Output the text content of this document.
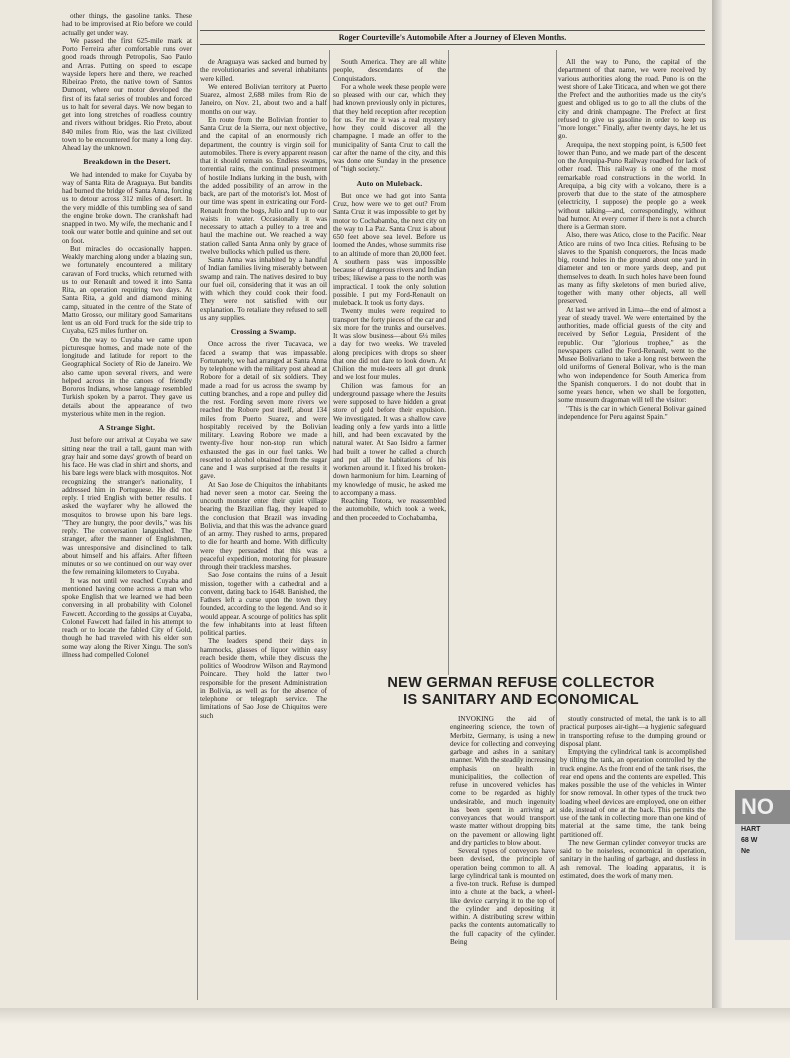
Roger Courteville's Automobile After a Journey of Eleven Months.

other things, the gasoline tanks. These had to be improvised at Rio before we could actually get under way.

We passed the first 625-mile mark at Porto Ferreira after comfortable runs over good roads through Petropolis, Sao Paulo and Arras. Putting on speed to escape wayside lepers here and there, we reached Ribeirao Preto, the native town of Santos Dumont, where our motor developed the first of its fatal series of troubles and forced us to halt for several days. We now began to get into long stretches of roadless country and rivers without bridges. Rio Preto, about 840 miles from Rio, was the last civilized town to be encountered for many a long day. Ahead lay the unknown.

Breakdown in the Desert.

We had intended to make for Cuyaba by way of Santa Rita de Araguaya. But bandits had burned the bridge of Santa Anna, forcing us to detour across 312 miles of desert. In the very middle of this tumbling sea of sand the engine broke down. The crankshaft had snapped in two. My wife, the mechanic and I took our water bottle and quinine and set out on foot.

But miracles do occasionally happen. Weakly marching along under a blazing sun, we fortunately encountered a military caravan of Ford trucks, which returned with us to our Renault and towed it into Santa Rita, an operation requiring two days. At Santa Rita, a gold and diamond mining camp, situated in the centre of the State of Matto Grosso, our military good Samaritans lent us an old Ford truck for the side trip to Cuyaba, 625 miles further on.

On the way to Cuyaba we came upon picturesque homes, and made note of the longitude and latitude for report to the Geographical Society of Rio de Janeiro. We also came upon several rivers, and were helped across in the canoes of friendly Bororos Indians, whose language resembled Turkish spoken by a parrot. They gave us details about the appearance of two mysterious white men in the region.

A Strange Sight.

Just before our arrival at Cuyaba we saw sitting near the trail a tall, gaunt man with gray hair and some days' growth of beard on his face. He was clad in shirt and shorts, and his bare legs were black with mosquitos. Not recognizing the stranger's nationality, I addressed him in Portuguese. He did not reply. I tried English with better results. I asked the wayfarer why he allowed the mosquitos to browse upon his bare legs. "They are hungry, the poor devils," was his reply. The conversation languished. The stranger, after the manner of Englishmen, was unresponsive and disinclined to talk about himself and his affairs. After fifteen minutes or so we continued on our way over the few remaining kilometers to Cuyaba.

It was not until we reached Cuyaba and mentioned having come across a man who spoke English that we learned we had been conversing in all probability with Colonel Fawcett. According to the gossips at Cuyaba, Colonel Fawcett had failed in his attempt to reach or to locate the fabled City of Gold, though he had traveled with his elder son some way along the River Xingu. The son's illness had compelled Colonel

de Araguaya was sacked and burned by the revolutionaries and several inhabitants were killed.

We entered Bolivian territory at Puerto Suarez, almost 2,688 miles from Rio de Janeiro, on Nov. 21, about two and a half months on our way.

En route from the Bolivian frontier to Santa Cruz de la Sierra, our next objective, and the capital of an enormously rich department, the country is virgin soil for automobiles. There is every apparent reason that it should remain so. Endless swamps, torrential rains, the continual presentment of hostile Indians lurking in the bush, with the added possibility of an arrow in the back, are part of the motorist's lot. Most of our time was spent in extricating our Ford-Renault from the bogs, Julio and I up to our waists in water. Occasionally it was necessary to attach a pulley to a tree and haul the machine out. We reached a way station called Santa Anna only by grace of twelve bullocks which pulled us there.

Santa Anna was inhabited by a handful of Indian families living miserably between swamp and rain. The natives desired to buy our fuel oil, considering that it was an oil with which they could cook their food. They were not satisfied with our explanation. To retaliate they refused to sell us any supplies.

Crossing a Swamp.

Once across the river Tucavaca, we faced a swamp that was impassable. Fortunately, we had arranged at Santa Anna by telephone with the military post ahead at Robore for a detail of six soldiers. They made a road for us across the swamp by cutting branches, and a rope and pulley did the rest. Fording seven more rivers we reached the Robore post itself, about 134 miles from Puerto Suarez, and were hospitably received by the Bolivian military. Leaving Robore we made a twenty-five hour non-stop run which exhausted the gas in our fuel tanks. We resorted to alcohol obtained from the sugar cane and I was surprised at the results it gave.

At Sao Jose de Chiquitos the inhabitants had never seen a motor car. Seeing the uncouth monster enter their quiet village bearing the Brazilian flag, they leaped to the conclusion that Brazil was invading Bolivia, and that this was the advance guard of an army. They rushed to arms, prepared to die for hearth and home. With difficulty were they persuaded that this was a peaceful expedition, motoring for pleasure through their trackless marshes.

Sao Jose contains the ruins of a Jesuit mission, together with a cathedral and a convent, dating back to 1648. Banished, the Fathers left a curse upon the town they founded, according to the legend. And so it would appear. A scourge of politics has split the few inhabitants into at least fifteen political parties.

The leaders spend their days in hammocks, glasses of liquor within easy reach beside them, while they discuss the politics of Woodrow Wilson and Raymond Poincare. They hold the latter two responsible for the present Administration in Bolivia, as well as for the absence of telephone or telegraph service. The limitations of Sao Jose de Chiquitos were such

South America. They are all white people, descendants of the Conquistadors.

For a whole week these people were so pleased with our car, which they had known previously only in pictures, that they held reception after reception for us. For me it was a real mystery how they could discover all the champagne. I made an offer to the municipality of Santa Cruz to call the car after the name of the city, and this was done one Sunday in the presence of "high society."

Auto on Muleback.

But once we had got into Santa Cruz, how were we to get out? From Santa Cruz it was impossible to get by motor to Cochabamba, the next city on the way to La Paz. Santa Cruz is about 650 feet above sea level. Before us loomed the Andes, whose summits rise to an altitude of more than 20,000 feet. A southern pass was impossible because of dangerous rivers and Indian tribes; likewise a pass to the north was impractical. I took the only solution possible. I put my Ford-Renault on muleback. It took us forty days.

Twenty mules were required to transport the forty pieces of the car and six more for the trunks and ourselves. It was slow business—about 6¼ miles a day for two weeks. We traveled along precipices with drops so sheer that one did not dare to look down. At Chilion the mule-teers all got drunk and we lost four mules.

Chilion was famous for an underground passage where the Jesuits were supposed to have hidden a great store of gold before their expulsion. We investigated. It was a shallow cave leading only a few yards into a little hill, and had been excavated by the natural water. At Sao Isidro a farmer had built a tower he called a church and put all the habitations of his workmen around it. I fixed his broken-down harmonium for him. Learning of my knowledge of music, he asked me to accompany a mass.

Reaching Totora, we reassembled the automobile, which took a week, and then proceeded to Cochabamba,

All the way to Puno, the capital of the department of that name, we were received by various authorities along the road. Puno is on the west shore of Lake Titicaca, and when we got there the Prefect and the authorities made us the city's guest and obliged us to go to all the clubs of the city and drink champagne. The Prefect at first refused to give us gasoline in order to keep us "more longer." Finally, after twenty days, he let us go.

Arequipa, the next stopping point, is 6,500 feet lower than Puno, and we made part of the descent on the Arequipa-Puno Railway roadbed for lack of other road. This railway is one of the most remarkable road constructions in the world. In Arequipa, a big city with a volcano, there is a proverb that due to the state of the atmosphere (electricity, I suppose) the people go a week without talking—and, correspondingly, without bad humor. At every corner if there is not a church there is a German store.

Also, there was Atico, close to the Pacific. Near Atico are ruins of two Inca cities. Refusing to be slaves to the Spanish conquerors, the Incas made big, round holes in the ground about one yard in diameter and ten or more yards deep, and put themselves to death. In such holes have been found as many as fifty skeletons of men buried alive, together with many other objects, all well preserved.

At last we arrived in Lima—the end of almost a year of steady travel. We were entertained by the authorities, made official guests of the city and received by Señor Leguia, President of the republic. Our "glorious trophee," as the newspapers called the Ford-Renault, went to the Musee Bolivariano to take a long rest between the old uniforms of General Bolivar, who is the man who won independence for South America from the Spanish conquerors. I do not doubt that in some years hence, when we shall be forgotten, some museum dragoman will tell the visitor:

"This is the car in which General Bolivar gained independence for Peru against Spain."

NEW GERMAN REFUSE COLLECTOR
IS SANITARY AND ECONOMICAL

INVOKING the aid of engineering science, the town of Merbitz, Germany, is using a new device for collecting and conveying garbage and ashes in a sanitary manner. With the steadily increasing emphasis on health in municipalities, the collection of refuse in uncovered vehicles has come to be regarded as highly undesirable, and much ingenuity has been spent in arriving at conveyances that would transport waste matter without dropping bits on the pavement or allowing light and dry particles to blow about.

Several types of conveyors have been devised, the principle of operation being common to all. A large cylindrical tank is mounted on a five-ton truck. Refuse is dumped into a chute at the back, a wheel-like device carrying it to the top of the cylinder and depositing it within. A distributing screw within packs the contents automatically to the full capacity of the cylinder. Being

stoutly constructed of metal, the tank is to all practical purposes air-tight—a hygienic safeguard in transporting refuse to the dumping ground or disposal plant.

Emptying the cylindrical tank is accomplished by tilting the tank, an operation controlled by the truck engine. As the front end of the tank rises, the rear end opens and the contents are expelled. This makes possible the use of the vehicles in Winter for snow removal. In other types of the truck two loading wheel devices are employed, one on either side, instead of one at the back. This permits the use of the tank in collecting more than one kind of material at the same time, the tank being partitioned off.

The new German cylinder conveyor trucks are said to be noiseless, economical in operation, sanitary in the hauling of garbage, and dustless in ash removal. The loading apparatus, it is estimated, does the work of many men.

NO
HART
68 W
Ne
